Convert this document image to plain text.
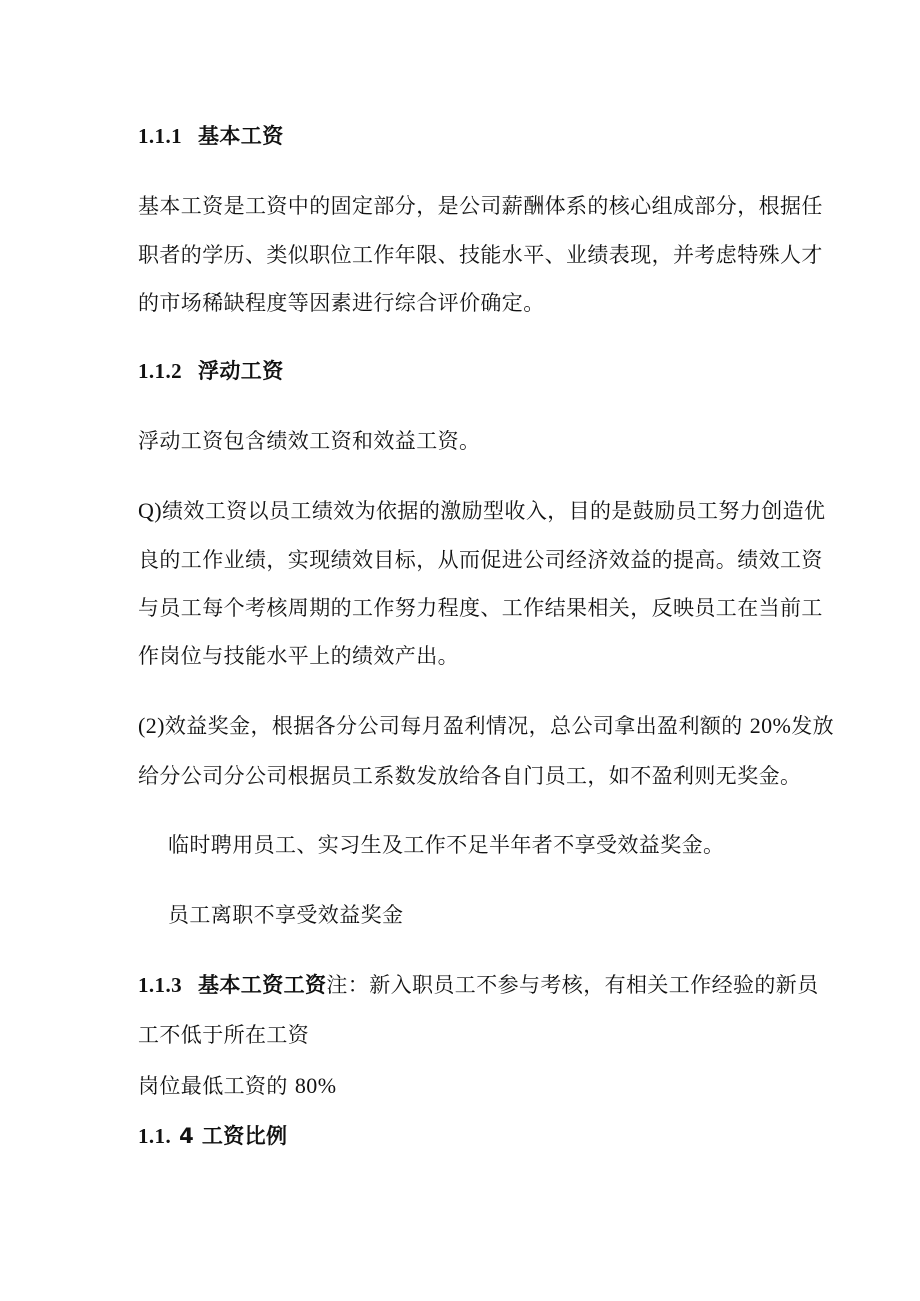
1.1.1 基本工资
基本工资是工资中的固定部分，是公司薪酬体系的核心组成部分，根据任
职者的学历、类似职位工作年限、技能水平、业绩表现，并考虑特殊人才
的市场稀缺程度等因素进行综合评价确定。
1.1.2 浮动工资
浮动工资包含绩效工资和效益工资。
Q)绩效工资以员工绩效为依据的激励型收入，目的是鼓励员工努力创造优
良的工作业绩，实现绩效目标，从而促进公司经济效益的提高。绩效工资
与员工每个考核周期的工作努力程度、工作结果相关，反映员工在当前工
作岗位与技能水平上的绩效产出。
(2)效益奖金，根据各分公司每月盈利情况，总公司拿出盈利额的 20%发放
给分公司分公司根据员工系数发放给各自门员工，如不盈利则无奖金。
临时聘用员工、实习生及工作不足半年者不享受效益奖金。
员工离职不享受效益奖金
1.1.3 基本工资工资注：新入职员工不参与考核，有相关工作经验的新员
工不低于所在工资
岗位最低工资的 80%
1.1. 4 工资比例
